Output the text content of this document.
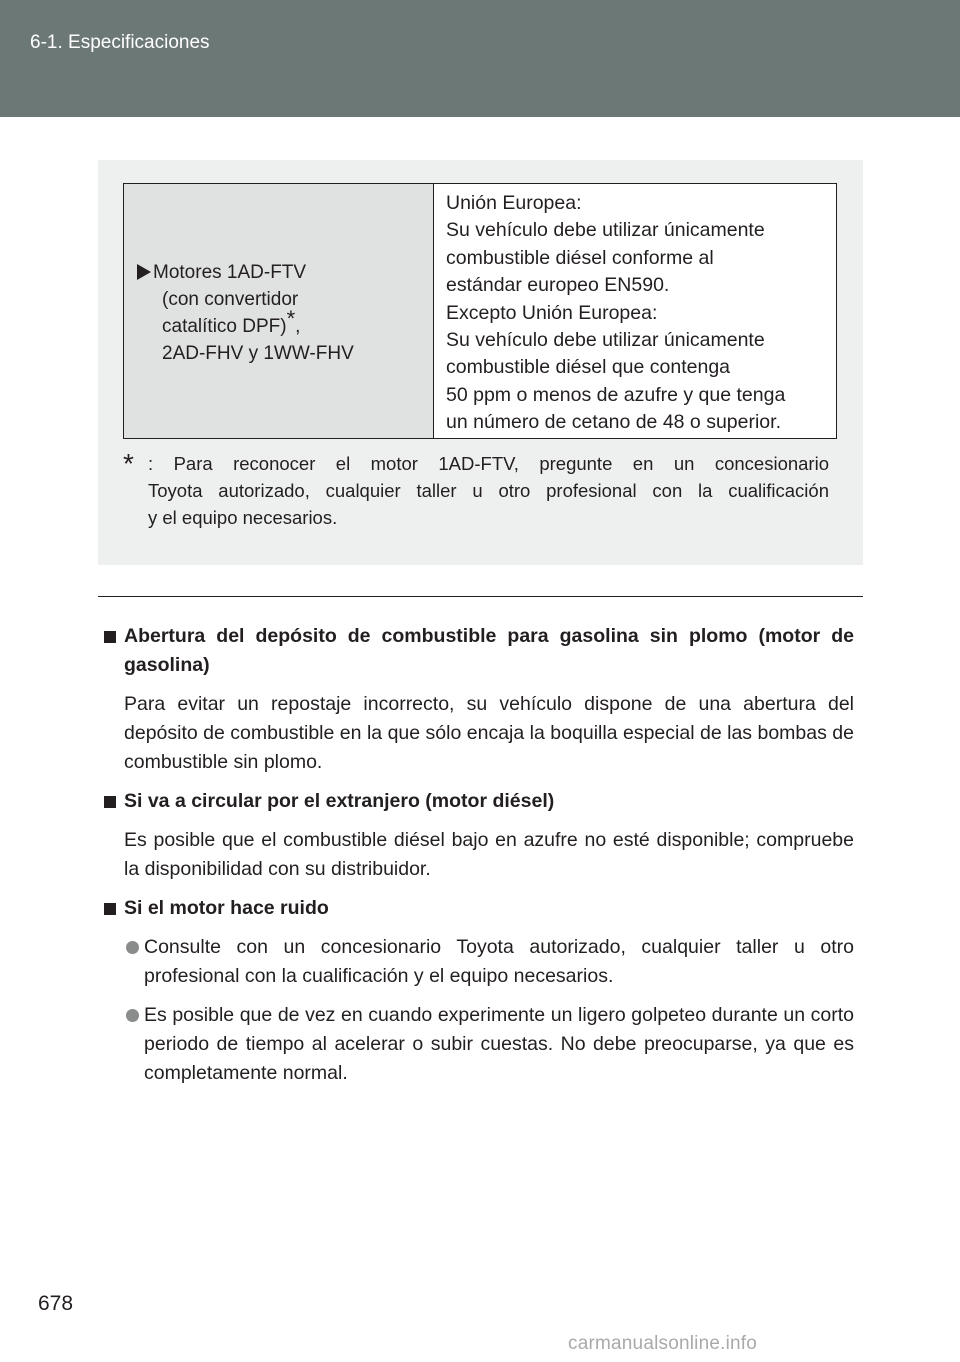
6-1. Especificaciones
Motores 1AD-FTV
(con convertidor
catalítico DPF)*,
2AD-FHV y 1WW-FHV
Unión Europea:
Su vehículo debe utilizar únicamente
combustible diésel conforme al
estándar europeo EN590.
Excepto Unión Europea:
Su vehículo debe utilizar únicamente
combustible diésel que contenga
50 ppm o menos de azufre y que tenga
un número de cetano de 48 o superior.
* : Para reconocer el motor 1AD-FTV, pregunte en un concesionario
Toyota autorizado, cualquier taller u otro profesional con la cualificación
y el equipo necesarios.
Abertura del depósito de combustible para gasolina sin plomo (motor de gasolina)
Para evitar un repostaje incorrecto, su vehículo dispone de una abertura del depósito de combustible en la que sólo encaja la boquilla especial de las bombas de combustible sin plomo.
Si va a circular por el extranjero (motor diésel)
Es posible que el combustible diésel bajo en azufre no esté disponible; compruebe la disponibilidad con su distribuidor.
Si el motor hace ruido
Consulte con un concesionario Toyota autorizado, cualquier taller u otro profesional con la cualificación y el equipo necesarios.
Es posible que de vez en cuando experimente un ligero golpeteo durante un corto periodo de tiempo al acelerar o subir cuestas. No debe preocuparse, ya que es completamente normal.
678
carmanualsonline.info
